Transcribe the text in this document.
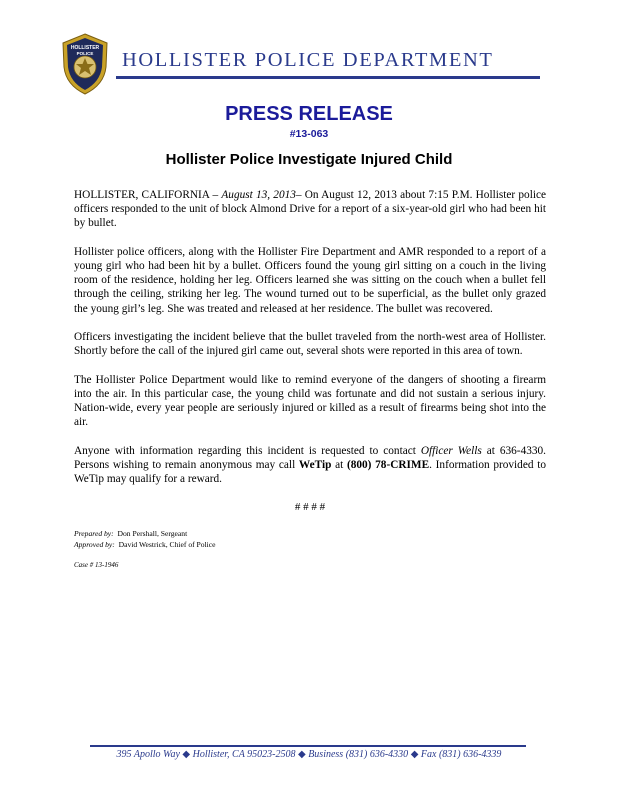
HOLLISTER
POLICE HOLLISTER POLICE DEPARTMENT
PRESS RELEASE
#13-063
Hollister Police Investigate Injured Child

HOLLISTER, CALIFORNIA – August 13, 2013– On August 12, 2013 about 7:15 P.M. Hollister police officers responded to the unit of block Almond Drive for a report of a six-year-old girl who had been hit by bullet.

Hollister police officers, along with the Hollister Fire Department and AMR responded to a report of a young girl who had been hit by a bullet. Officers found the young girl sitting on a couch in the living room of the residence, holding her leg. Officers learned she was sitting on the couch when a bullet fell through the ceiling, striking her leg. The wound turned out to be superficial, as the bullet only grazed the young girl’s leg. She was treated and released at her residence. The bullet was recovered.

Officers investigating the incident believe that the bullet traveled from the north-west area of Hollister. Shortly before the call of the injured girl came out, several shots were reported in this area of town.

The Hollister Police Department would like to remind everyone of the dangers of shooting a firearm into the air. In this particular case, the young child was fortunate and did not sustain a serious injury. Nation-wide, every year people are seriously injured or killed as a result of firearms being shot into the air.

Anyone with information regarding this incident is requested to contact Officer Wells at 636-4330. Persons wishing to remain anonymous may call WeTip at (800) 78-CRIME. Information provided to WeTip may qualify for a reward.

# # # #

Prepared by: Don Pershall, Sergeant
Approved by: David Westrick, Chief of Police
Case # 13-1946
395 Apollo Way ◆ Hollister, CA 95023-2508 ◆ Business (831) 636-4330 ◆ Fax (831) 636-4339
